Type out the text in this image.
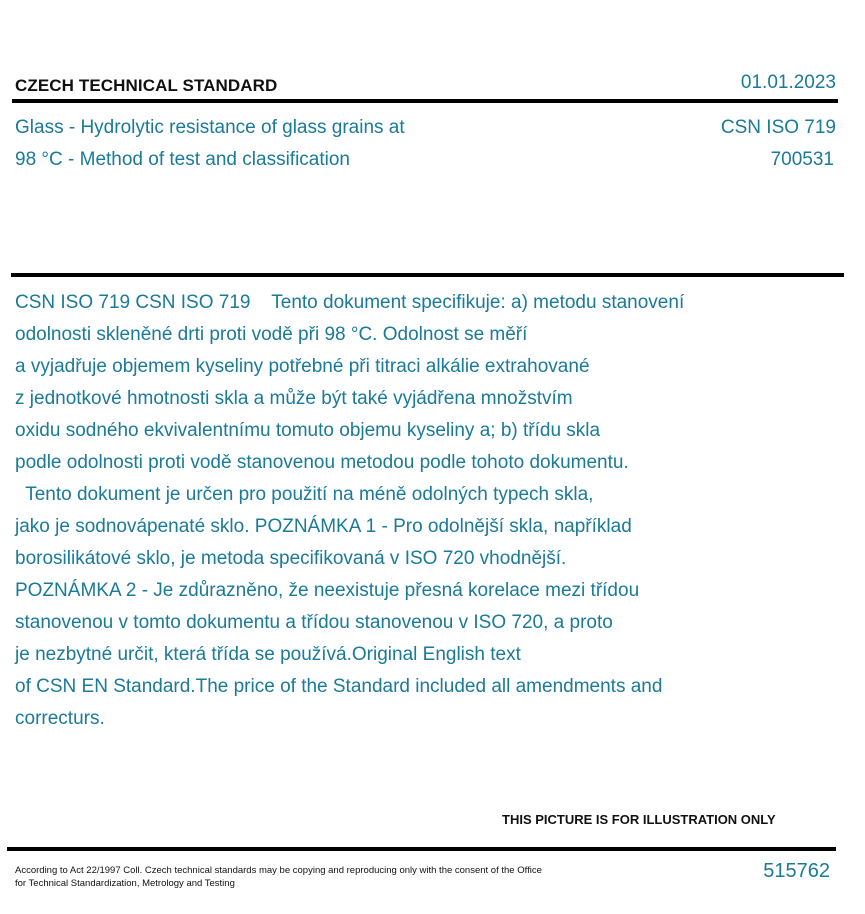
CZECH TECHNICAL STANDARD	01.01.2023
Glass - Hydrolytic resistance of glass grains at
98 °C - Method of test and classification
CSN ISO 719
700531
CSN ISO 719 CSN ISO 719    Tento dokument specifikuje: a) metodu stanovení
odolnosti skleněné drti proti vodě při 98 °C. Odolnost se měří
a vyjadřuje objemem kyseliny potřebné při titraci alkálie extrahované
z jednotkové hmotnosti skla a může být také vyjádřena množstvím
oxidu sodného ekvivalentnímu tomuto objemu kyseliny a; b) třídu skla
podle odolnosti proti vodě stanovenou metodou podle tohoto dokumentu.
Tento dokument je určen pro použití na méně odolných typech skla,
jako je sodnovápenaté sklo. POZNÁMKA 1 - Pro odolnější skla, například
borosilikátové sklo, je metoda specifikovaná v ISO 720 vhodnější.
POZNÁMKA 2 - Je zdůrazněno, že neexistuje přesná korelace mezi třídou
stanovenou v tomto dokumentu a třídou stanovenou v ISO 720, a proto
je nezbytné určit, která třída se používá.Original English text
of CSN EN Standard.The price of the Standard included all amendments and
correcturs.
THIS PICTURE IS FOR ILLUSTRATION ONLY
According to Act 22/1997 Coll. Czech technical standards may be copying and reproducing only with the consent of the Office
for Technical Standardization, Metrology and Testing
515762
